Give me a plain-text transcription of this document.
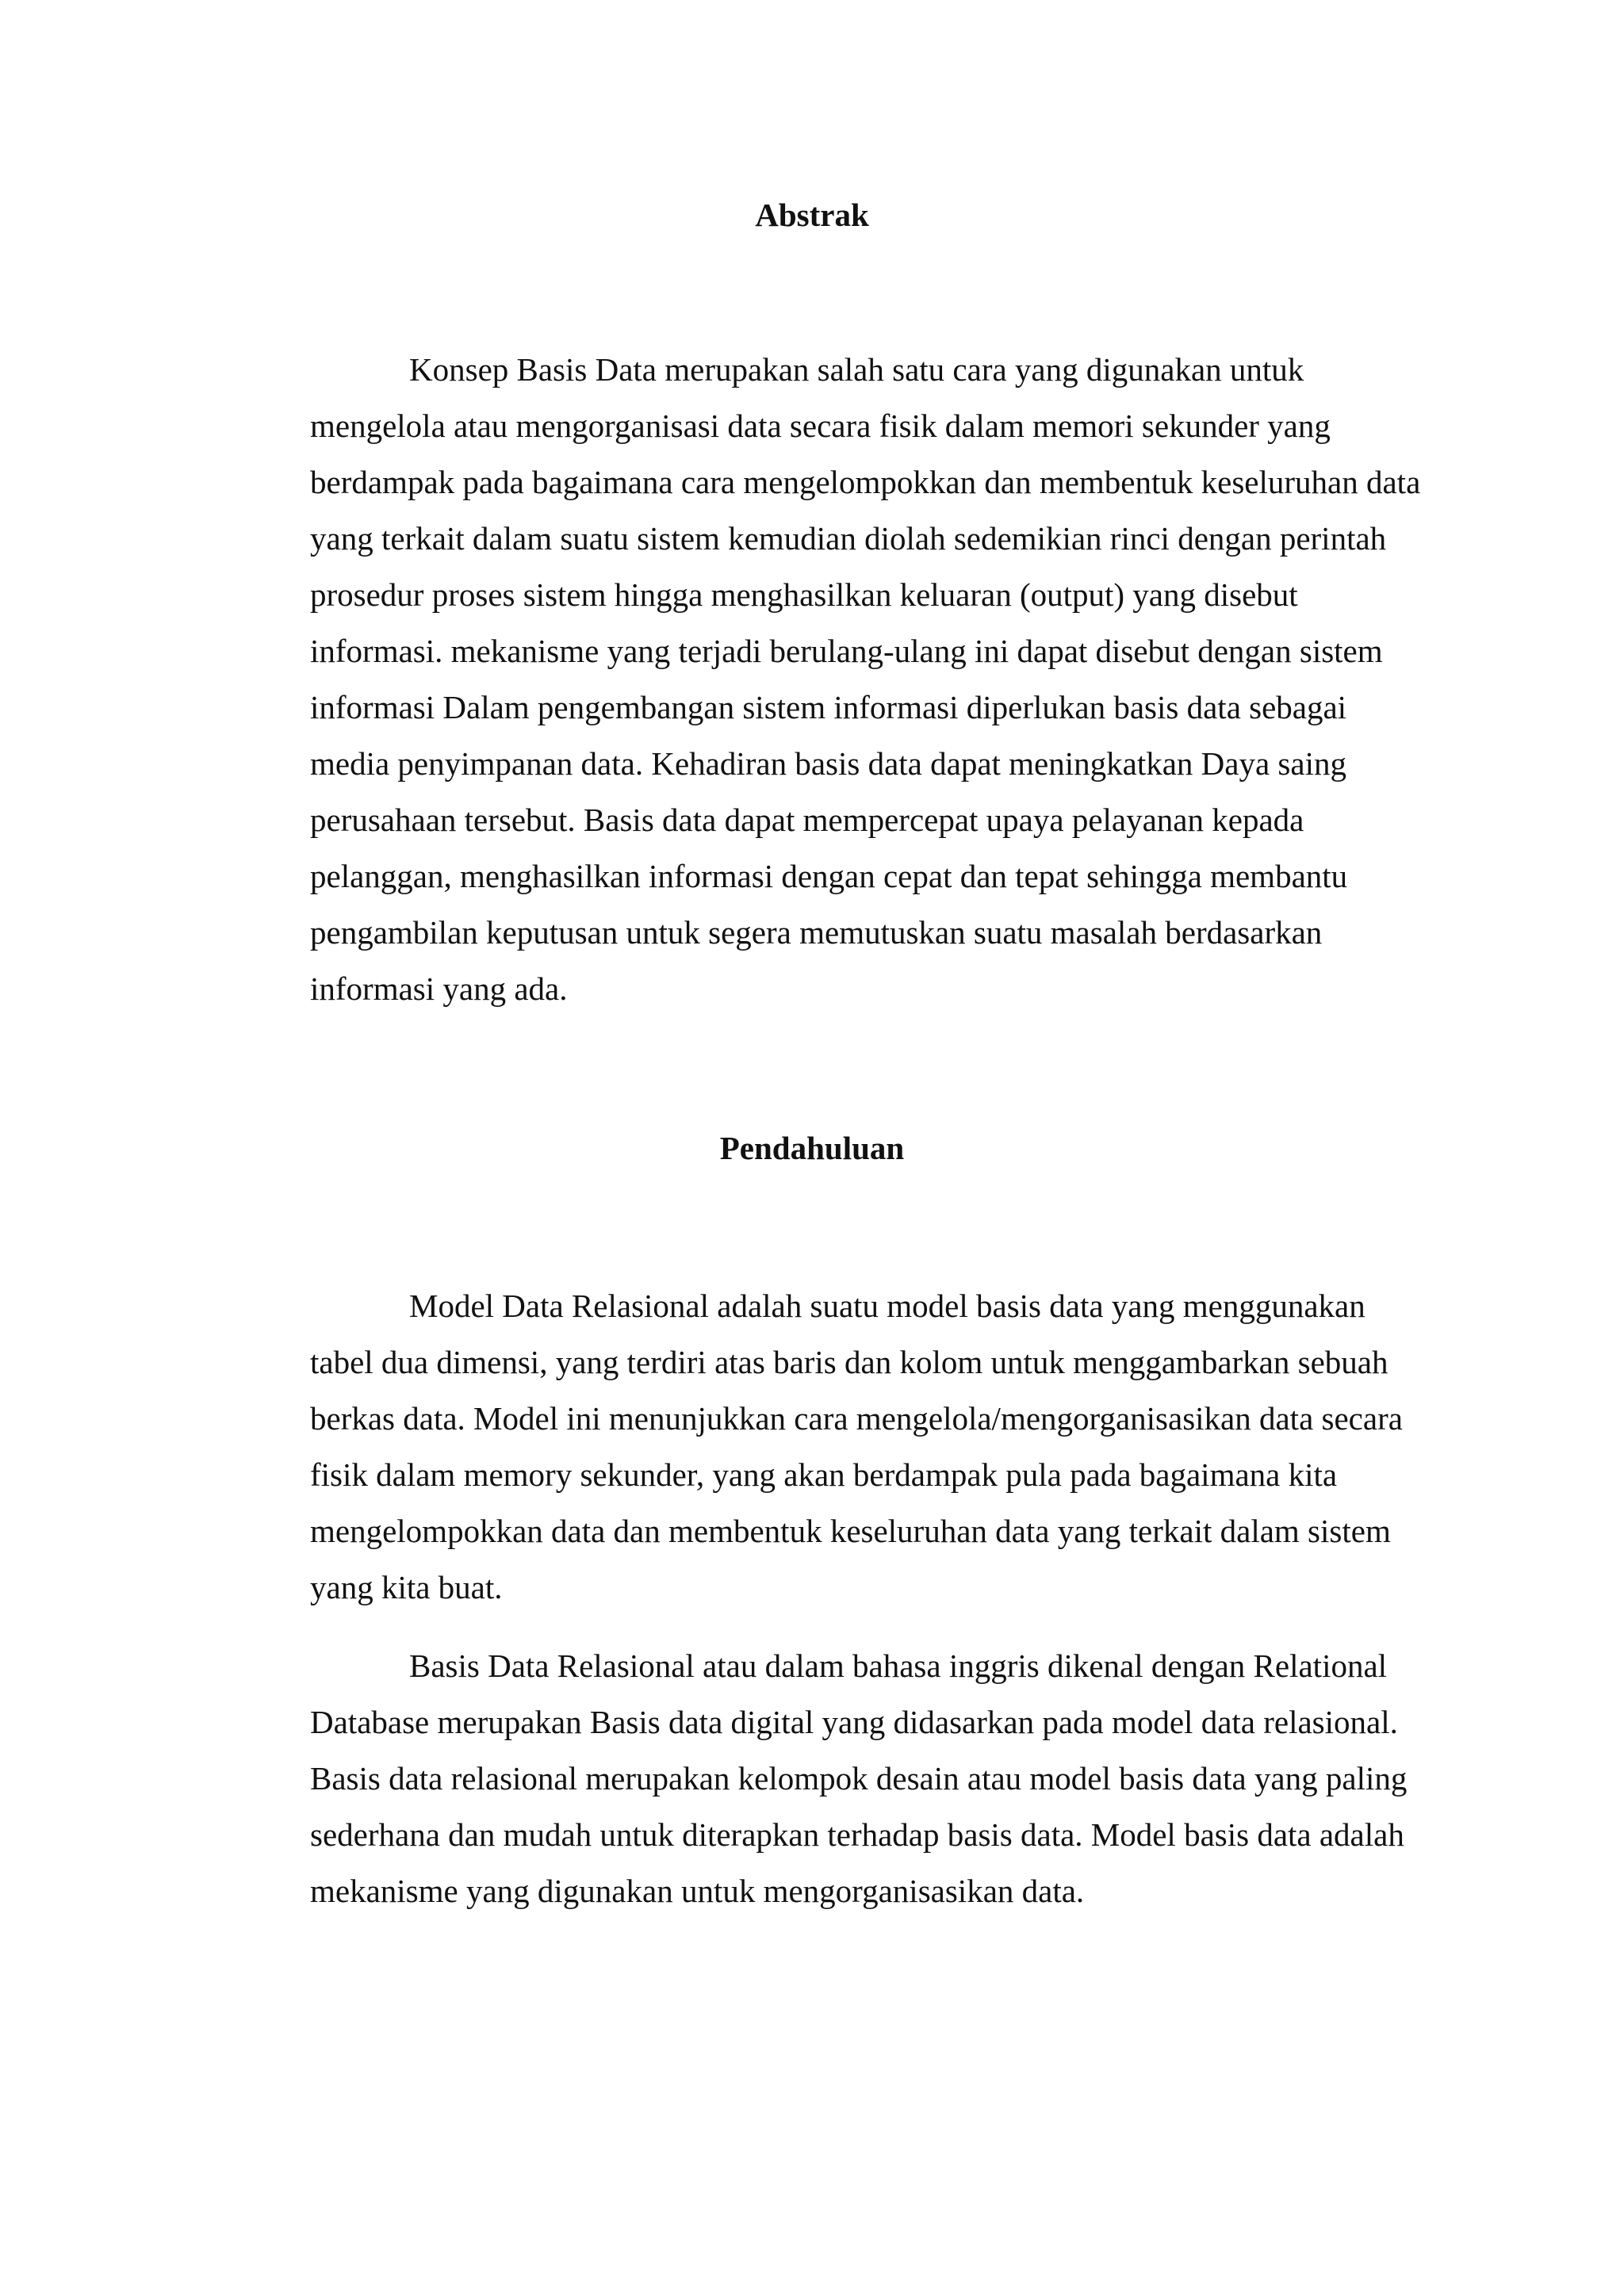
Abstrak

Konsep Basis Data merupakan salah satu cara yang digunakan untuk
mengelola atau mengorganisasi data secara fisik dalam memori sekunder yang
berdampak pada bagaimana cara mengelompokkan dan membentuk keseluruhan data
yang terkait dalam suatu sistem kemudian diolah sedemikian rinci dengan perintah
prosedur proses sistem hingga menghasilkan keluaran (output) yang disebut
informasi. mekanisme yang terjadi berulang-ulang ini dapat disebut dengan sistem
informasi Dalam pengembangan sistem informasi diperlukan basis data sebagai
media penyimpanan data. Kehadiran basis data dapat meningkatkan Daya saing
perusahaan tersebut. Basis data dapat mempercepat upaya pelayanan kepada
pelanggan, menghasilkan informasi dengan cepat dan tepat sehingga membantu
pengambilan keputusan untuk segera memutuskan suatu masalah berdasarkan
informasi yang ada.

Pendahuluan

Model Data Relasional adalah suatu model basis data yang menggunakan
tabel dua dimensi, yang terdiri atas baris dan kolom untuk menggambarkan sebuah
berkas data. Model ini menunjukkan cara mengelola/mengorganisasikan data secara
fisik dalam memory sekunder, yang akan berdampak pula pada bagaimana kita
mengelompokkan data dan membentuk keseluruhan data yang terkait dalam sistem
yang kita buat.

Basis Data Relasional atau dalam bahasa inggris dikenal dengan Relational
Database merupakan Basis data digital yang didasarkan pada model data relasional.
Basis data relasional merupakan kelompok desain atau model basis data yang paling
sederhana dan mudah untuk diterapkan terhadap basis data. Model basis data adalah
mekanisme yang digunakan untuk mengorganisasikan data.
